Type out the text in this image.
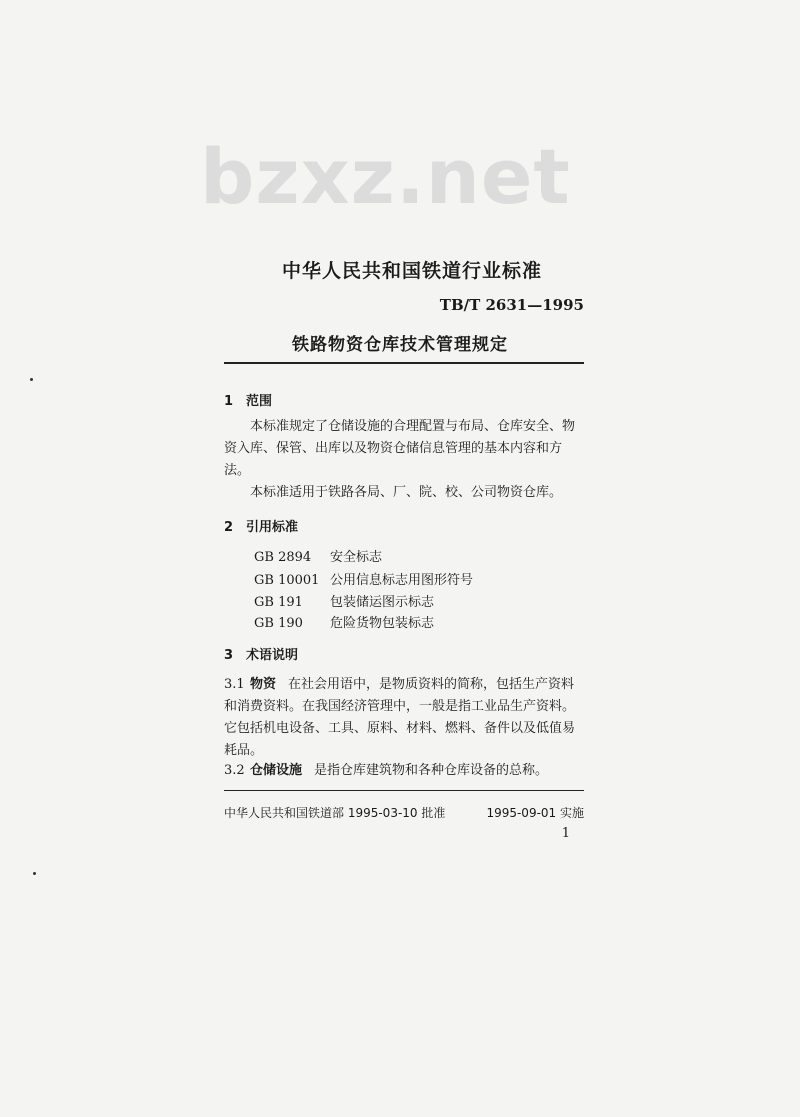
bzxz.net
中华人民共和国铁道行业标准
TB/T 2631—1995
铁路物资仓库技术管理规定
1 范围
本标准规定了仓储设施的合理配置与布局、仓库安全、物资入库、保管、出库以及物资仓储信息管理的基本内容和方法。
本标准适用于铁路各局、厂、院、校、公司物资仓库。
2 引用标准
GB 2894 安全标志
GB 10001 公用信息标志用图形符号
GB 191 包装储运图示标志
GB 190 危险货物包装标志
3 术语说明
3.1 物资 在社会用语中，是物质资料的简称，包括生产资料和消费资料。在我国经济管理中，一般是指工业品生产资料。它包括机电设备、工具、原料、材料、燃料、备件以及低值易耗品。
3.2 仓储设施 是指仓库建筑物和各种仓库设备的总称。
中华人民共和国铁道部 1995-03-10 批准	1995-09-01 实施
1
